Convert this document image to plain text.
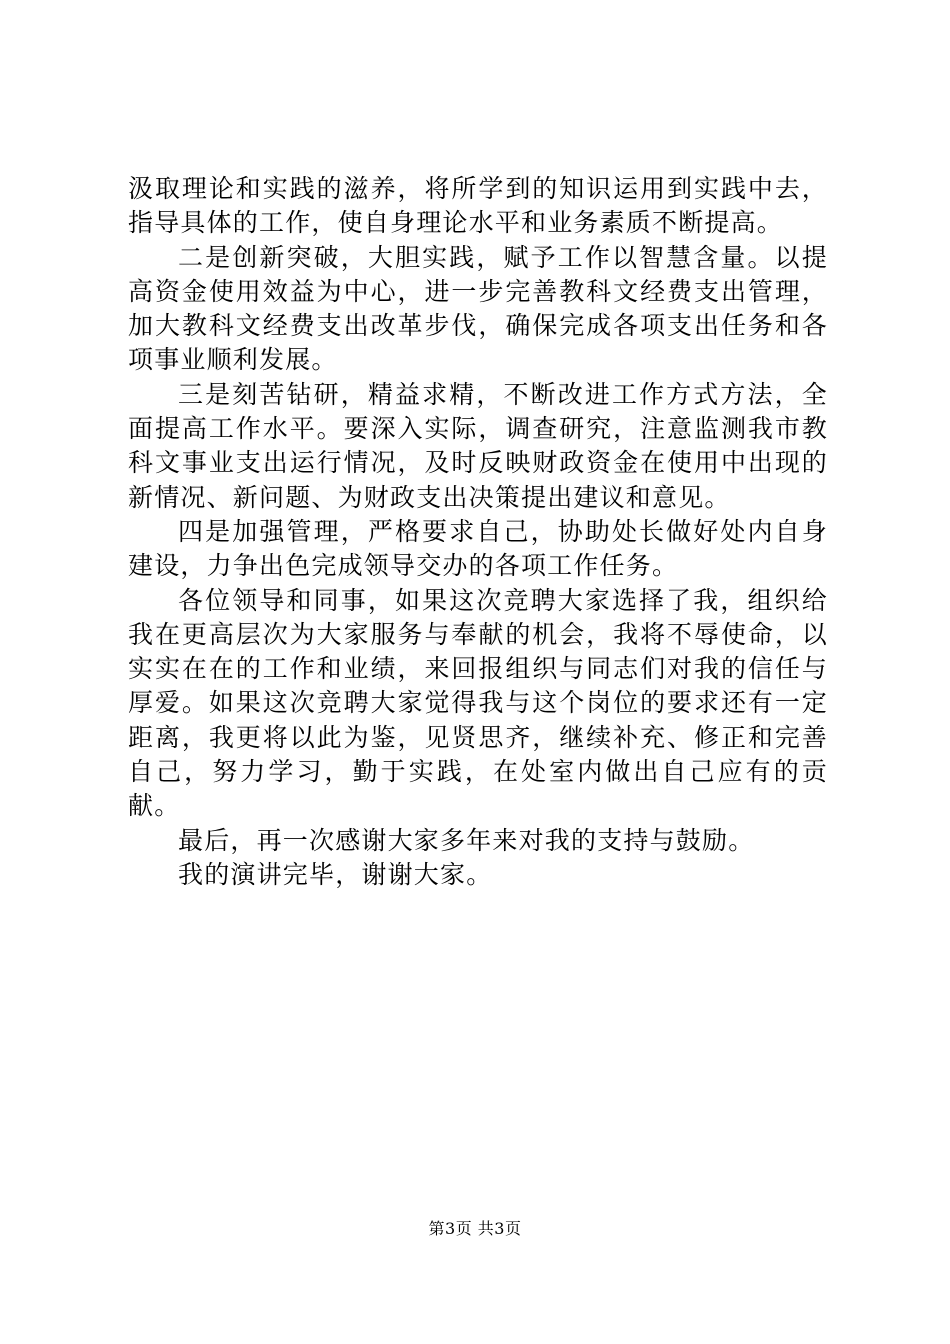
汲取理论和实践的滋养，将所学到的知识运用到实践中去，指导具体的工作，使自身理论水平和业务素质不断提高。

二是创新突破，大胆实践，赋予工作以智慧含量。以提高资金使用效益为中心，进一步完善教科文经费支出管理，加大教科文经费支出改革步伐，确保完成各项支出任务和各项事业顺利发展。

三是刻苦钻研，精益求精，不断改进工作方式方法，全面提高工作水平。要深入实际，调查研究，注意监测我市教科文事业支出运行情况，及时反映财政资金在使用中出现的新情况、新问题、为财政支出决策提出建议和意见。

四是加强管理，严格要求自己，协助处长做好处内自身建设，力争出色完成领导交办的各项工作任务。

各位领导和同事，如果这次竞聘大家选择了我，组织给我在更高层次为大家服务与奉献的机会，我将不辱使命，以实实在在的工作和业绩，来回报组织与同志们对我的信任与厚爱。如果这次竞聘大家觉得我与这个岗位的要求还有一定距离，我更将以此为鉴，见贤思齐，继续补充、修正和完善自己，努力学习，勤于实践，在处室内做出自己应有的贡献。

最后，再一次感谢大家多年来对我的支持与鼓励。

我的演讲完毕，谢谢大家。

第3页 共3页
